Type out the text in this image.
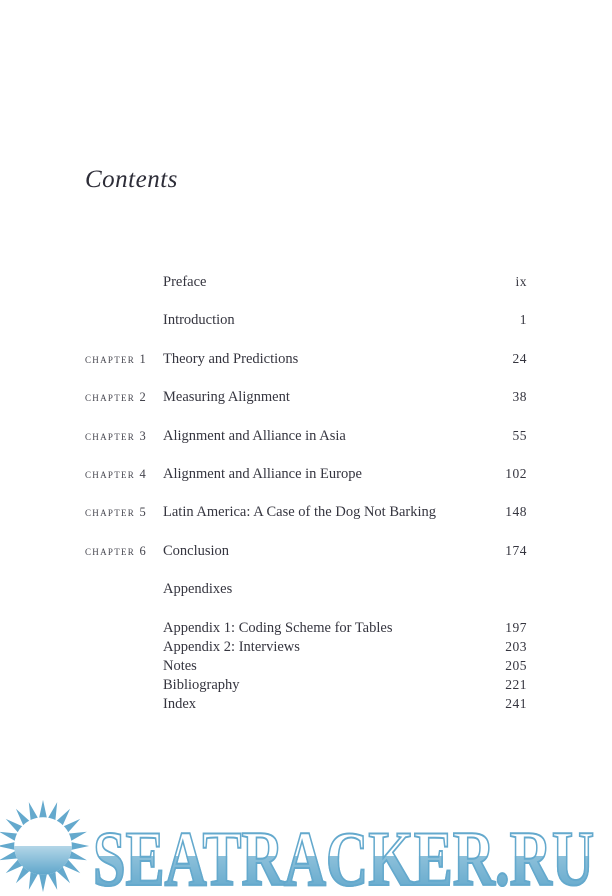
Contents
Preface	ix
Introduction	1
chapter 1	Theory and Predictions	24
chapter 2	Measuring Alignment	38
chapter 3	Alignment and Alliance in Asia	55
chapter 4	Alignment and Alliance in Europe	102
chapter 5	Latin America: A Case of the Dog Not Barking	148
chapter 6	Conclusion	174
Appendixes
Appendix 1: Coding Scheme for Tables	197
Appendix 2: Interviews	203
Notes	205
Bibliography	221
Index	241
SEATRACKER.RU
